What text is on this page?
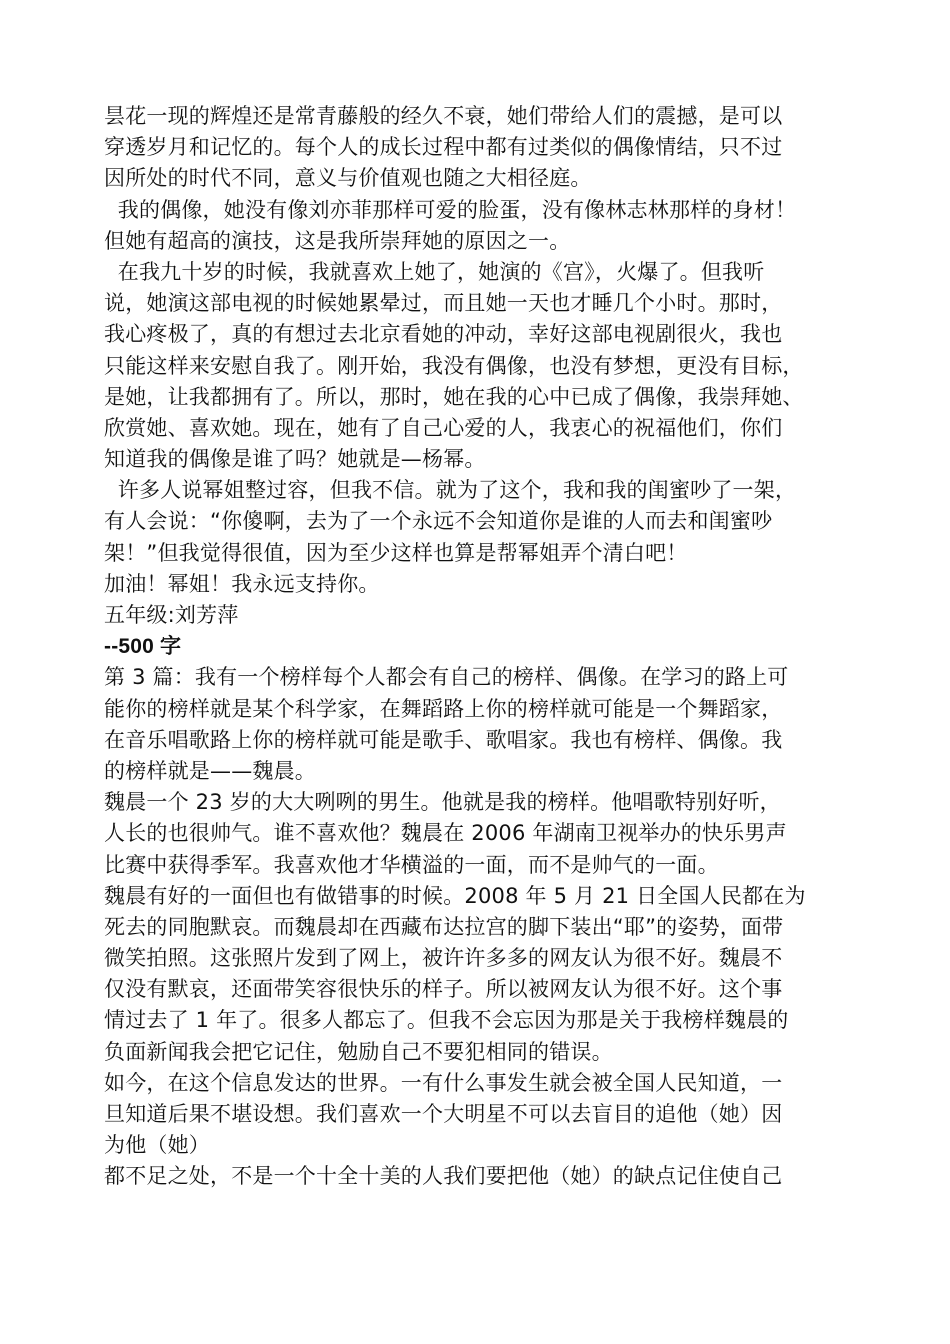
昙花一现的辉煌还是常青藤般的经久不衰，她们带给人们的震撼，是可以
穿透岁月和记忆的。每个人的成长过程中都有过类似的偶像情结，只不过
因所处的时代不同，意义与价值观也随之大相径庭。
我的偶像，她没有像刘亦菲那样可爱的脸蛋，没有像林志林那样的身材！
但她有超高的演技，这是我所崇拜她的原因之一。
在我九十岁的时候，我就喜欢上她了，她演的《宫》，火爆了。但我听
说，她演这部电视的时候她累晕过，而且她一天也才睡几个小时。那时，
我心疼极了，真的有想过去北京看她的冲动，幸好这部电视剧很火，我也
只能这样来安慰自我了。刚开始，我没有偶像，也没有梦想，更没有目标，
是她，让我都拥有了。所以，那时，她在我的心中已成了偶像，我崇拜她、
欣赏她、喜欢她。现在，她有了自己心爱的人，我衷心的祝福他们，你们
知道我的偶像是谁了吗？她就是—杨幂。
许多人说幂姐整过容，但我不信。就为了这个，我和我的闺蜜吵了一架，
有人会说：“你傻啊，去为了一个永远不会知道你是谁的人而去和闺蜜吵
架！”但我觉得很值，因为至少这样也算是帮幂姐弄个清白吧！
加油！幂姐！我永远支持你。
五年级:刘芳萍
--500 字
第 3 篇：我有一个榜样每个人都会有自己的榜样、偶像。在学习的路上可
能你的榜样就是某个科学家，在舞蹈路上你的榜样就可能是一个舞蹈家，
在音乐唱歌路上你的榜样就可能是歌手、歌唱家。我也有榜样、偶像。我
的榜样就是——魏晨。
魏晨一个 23 岁的大大咧咧的男生。他就是我的榜样。他唱歌特别好听，
人长的也很帅气。谁不喜欢他？魏晨在 2006 年湖南卫视举办的快乐男声
比赛中获得季军。我喜欢他才华横溢的一面，而不是帅气的一面。
魏晨有好的一面但也有做错事的时候。2008 年 5 月 21 日全国人民都在为
死去的同胞默哀。而魏晨却在西藏布达拉宫的脚下装出“耶”的姿势，面带
微笑拍照。这张照片发到了网上，被许许多多的网友认为很不好。魏晨不
仅没有默哀，还面带笑容很快乐的样子。所以被网友认为很不好。这个事
情过去了 1 年了。很多人都忘了。但我不会忘因为那是关于我榜样魏晨的
负面新闻我会把它记住，勉励自己不要犯相同的错误。
如今，在这个信息发达的世界。一有什么事发生就会被全国人民知道，一
旦知道后果不堪设想。我们喜欢一个大明星不可以去盲目的追他（她）因
为他（她）
都不足之处，不是一个十全十美的人我们要把他（她）的缺点记住使自己
